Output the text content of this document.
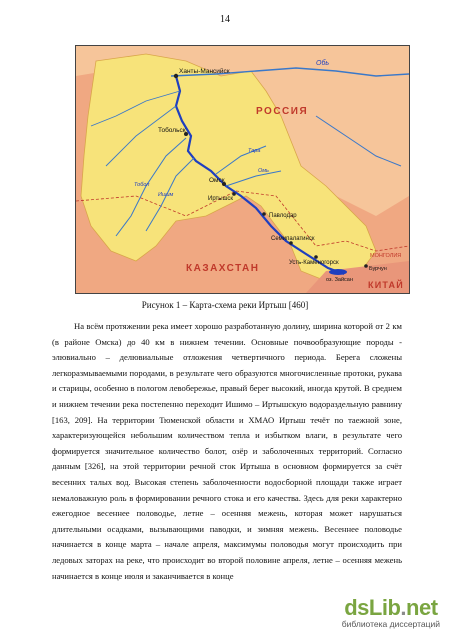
14
Ханты-Мансийск
Обь
Тобольск
РОССИЯ
Омск
Иртышск
Павлодар
Семипалатинск
Усть-Каменогорск
КАЗАХСТАН
КИТАЙ
МОНГОЛИЯ
Бурчун
оз. Зайсан
Тара
Ишим
Тобол
Омь
Рисунок 1 – Карта-схема реки Иртыш [460]

На всём протяжении река имеет хорошо разработанную долину, ширина которой от 2 км (в районе Омска) до 40 км в нижнем течении. Основные почвообразующие породы - элювиально – делювиальные отложения четвертичного периода. Берега сложены легкоразмываемыми породами, в результате чего образуются многочисленные протоки, рукава и старицы, особенно в пологом левобережье, правый берег высокий, иногда крутой. В среднем и нижнем течении река постепенно переходит Ишимо – Иртышскую водораздельную равнину [163, 209]. На территории Тюменской области и ХМАО Иртыш течёт по таежной зоне, характеризующейся небольшим количеством тепла и избытком влаги, в результате чего формируется значительное количество болот, озёр и заболоченных территорий. Согласно данным [326], на этой территории речной сток Иртыша в основном формируется за счёт весенних талых вод. Высокая степень заболоченности водосборной площади также играет немаловажную роль в формировании речного стока и его качества. Здесь для реки характерно ежегодное весеннее половодье, летне – осенняя межень, которая может нарушаться длительными осадками, вызывающими паводки, и зимняя межень. Весеннее половодье начинается в конце марта – начале апреля, максимумы половодья могут происходить при ледовых заторах на реке, что происходит во второй половине апреля, летне – осенняя межень начинается в конце июля и заканчивается в конце

dsLib.net
библиотека диссертаций
